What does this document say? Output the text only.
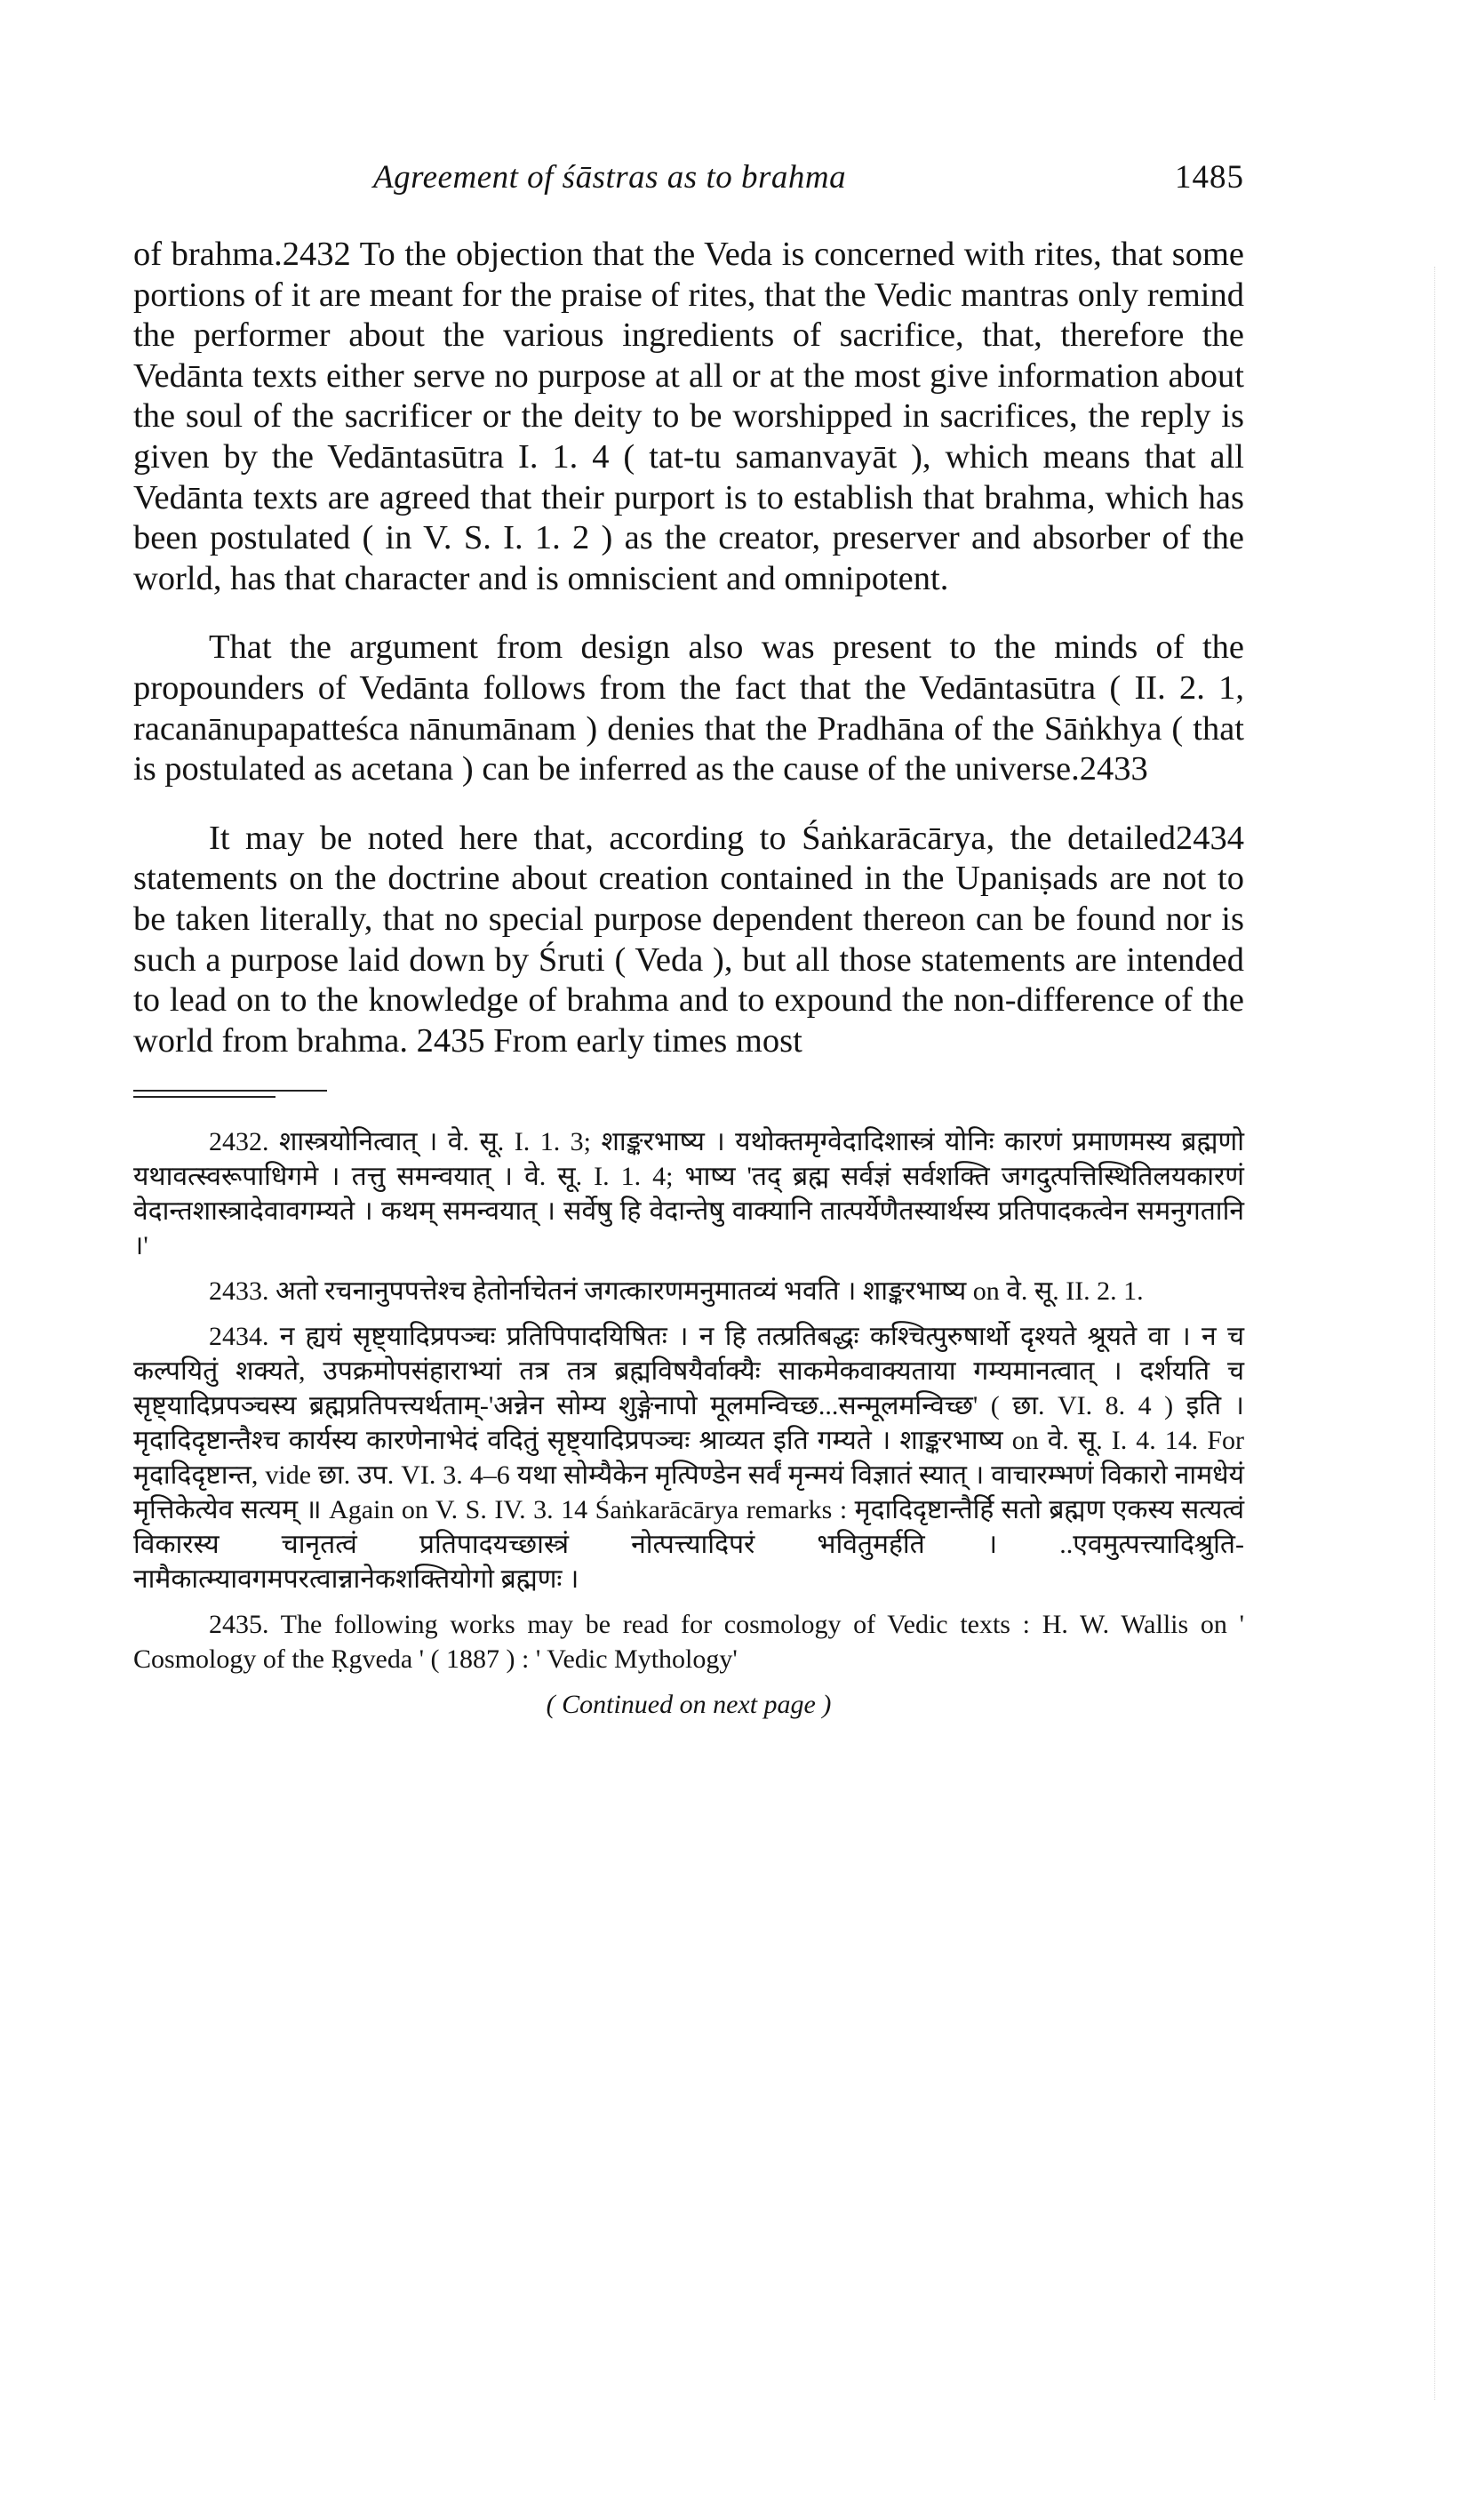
Agreement of śāstras as to brahma	1485

of brahma.2432 To the objection that the Veda is concerned with rites, that some portions of it are meant for the praise of rites, that the Vedic mantras only remind the performer about the various ingredients of sacrifice, that, therefore the Vedānta texts either serve no purpose at all or at the most give information about the soul of the sacrificer or the deity to be worshipped in sacrifices, the reply is given by the Vedāntasūtra I. 1. 4 ( tat-tu samanvayāt ), which means that all Vedānta texts are agreed that their purport is to establish that brahma, which has been postulated ( in V. S. I. 1. 2 ) as the creator, preserver and absorber of the world, has that character and is omniscient and omnipotent.

That the argument from design also was present to the minds of the propounders of Vedānta follows from the fact that the Vedāntasūtra ( II. 2. 1, racanānupapatteśca nānumānam ) denies that the Pradhāna of the Sāṅkhya ( that is postulated as acetana ) can be inferred as the cause of the universe.2433

It may be noted here that, according to Śaṅkarācārya, the detailed2434 statements on the doctrine about creation contained in the Upaniṣads are not to be taken literally, that no special purpose dependent thereon can be found nor is such a purpose laid down by Śruti ( Veda ), but all those statements are intended to lead on to the knowledge of brahma and to expound the non-difference of the world from brahma. 2435 From early times most

2432. शास्त्रयोनित्वात् । वे. सू. I. 1. 3; शाङ्करभाष्य । यथोक्तमृग्वेदादिशास्त्रं योनिः कारणं प्रमाणमस्य ब्रह्मणो यथावत्स्वरूपाधिगमे । तत्तु समन्वयात् । वे. सू. I. 1. 4; भाष्य 'तद् ब्रह्म सर्वज्ञं सर्वशक्ति जगदुत्पत्तिस्थितिलयकारणं वेदान्तशास्त्रादेवावगम्यते । कथम् समन्वयात् । सर्वेषु हि वेदान्तेषु वाक्यानि तात्पर्येणैतस्यार्थस्य प्रतिपादकत्वेन समनुगतानि ।'

2433. अतो रचनानुपपत्तेश्च हेतोर्नाचेतनं जगत्कारणमनुमातव्यं भवति । शाङ्करभाष्य on वे. सू. II. 2. 1.

2434. न ह्ययं सृष्ट्यादिप्रपञ्चः प्रतिपिपादयिषितः । न हि तत्प्रतिबद्धः कश्चित्पुरुषार्थो दृश्यते श्रूयते वा । न च कल्पयितुं शक्यते, उपक्रमोपसंहाराभ्यां तत्र तत्र ब्रह्मविषयैर्वाक्यैः साकमेकवाक्यताया गम्यमानत्वात् । दर्शयति च सृष्ट्यादिप्रपञ्चस्य ब्रह्मप्रतिपत्त्यर्थताम्-'अन्नेन सोम्य शुङ्गेनापो मूलमन्विच्छ...सन्मूलमन्विच्छ' ( छा. VI. 8. 4 ) इति । मृदादिदृष्टान्तैश्च कार्यस्य कारणेनाभेदं वदितुं सृष्ट्यादिप्रपञ्चः श्राव्यत इति गम्यते । शाङ्करभाष्य on वे. सू. I. 4. 14. For मृदादिदृष्टान्त, vide छा. उप. VI. 3. 4–6 यथा सोम्यैकेन मृत्पिण्डेन सर्वं मृन्मयं विज्ञातं स्यात् । वाचारम्भणं विकारो नामधेयं मृत्तिकेत्येव सत्यम् ॥ Again on V. S. IV. 3. 14 Śaṅkarācārya remarks : मृदादिदृष्टान्तैर्हि सतो ब्रह्मण एकस्य सत्यत्वं विकारस्य चानृतत्वं प्रतिपादयच्छास्त्रं नोत्पत्त्यादिपरं भवितुमर्हति । ..एवमुत्पत्त्यादिश्रुति-नामैकात्म्यावगमपरत्वान्नानेकशक्तियोगो ब्रह्मणः ।

2435. The following works may be read for cosmology of Vedic texts : H. W. Wallis on ' Cosmology of the Ṛgveda ' ( 1887 ) : ' Vedic Mythology'

( Continued on next page )
